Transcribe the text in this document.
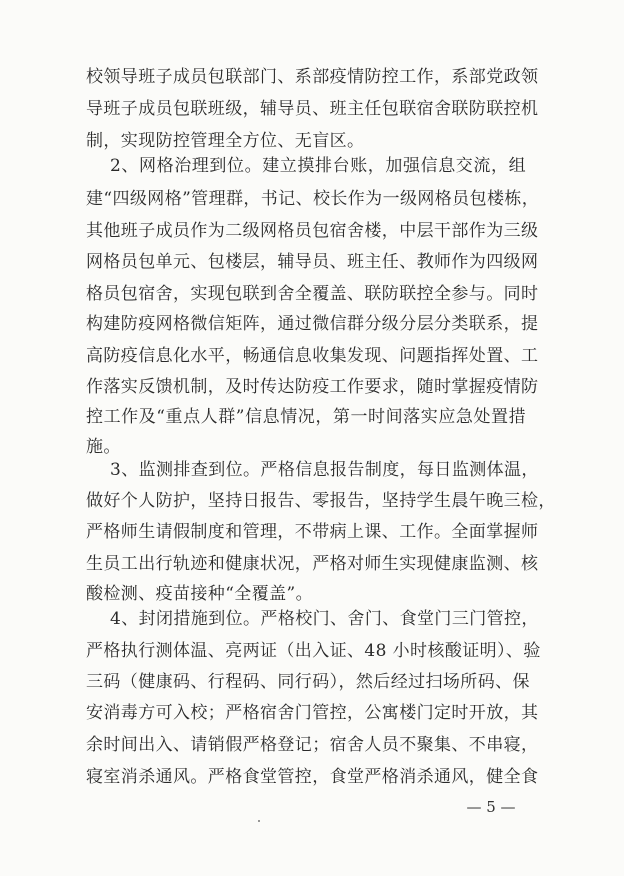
校领导班子成员包联部门、系部疫情防控工作，系部党政领
导班子成员包联班级，辅导员、班主任包联宿舍联防联控机
制，实现防控管理全方位、无盲区。
2、网格治理到位。建立摸排台账，加强信息交流，组
建“四级网格”管理群，书记、校长作为一级网格员包楼栋，
其他班子成员作为二级网格员包宿舍楼，中层干部作为三级
网格员包单元、包楼层，辅导员、班主任、教师作为四级网
格员包宿舍，实现包联到舍全覆盖、联防联控全参与。同时
构建防疫网格微信矩阵，通过微信群分级分层分类联系，提
高防疫信息化水平，畅通信息收集发现、问题指挥处置、工
作落实反馈机制，及时传达防疫工作要求，随时掌握疫情防
控工作及“重点人群”信息情况，第一时间落实应急处置措
施。
3、监测排查到位。严格信息报告制度，每日监测体温，
做好个人防护，坚持日报告、零报告，坚持学生晨午晚三检，
严格师生请假制度和管理，不带病上课、工作。全面掌握师
生员工出行轨迹和健康状况，严格对师生实现健康监测、核
酸检测、疫苗接种“全覆盖”。
4、封闭措施到位。严格校门、舍门、食堂门三门管控，
严格执行测体温、亮两证（出入证、48 小时核酸证明）、验
三码（健康码、行程码、同行码），然后经过扫场所码、保
安消毒方可入校；严格宿舍门管控，公寓楼门定时开放，其
余时间出入、请销假严格登记；宿舍人员不聚集、不串寝，
寝室消杀通风。严格食堂管控，食堂严格消杀通风，健全食
— 5 —
